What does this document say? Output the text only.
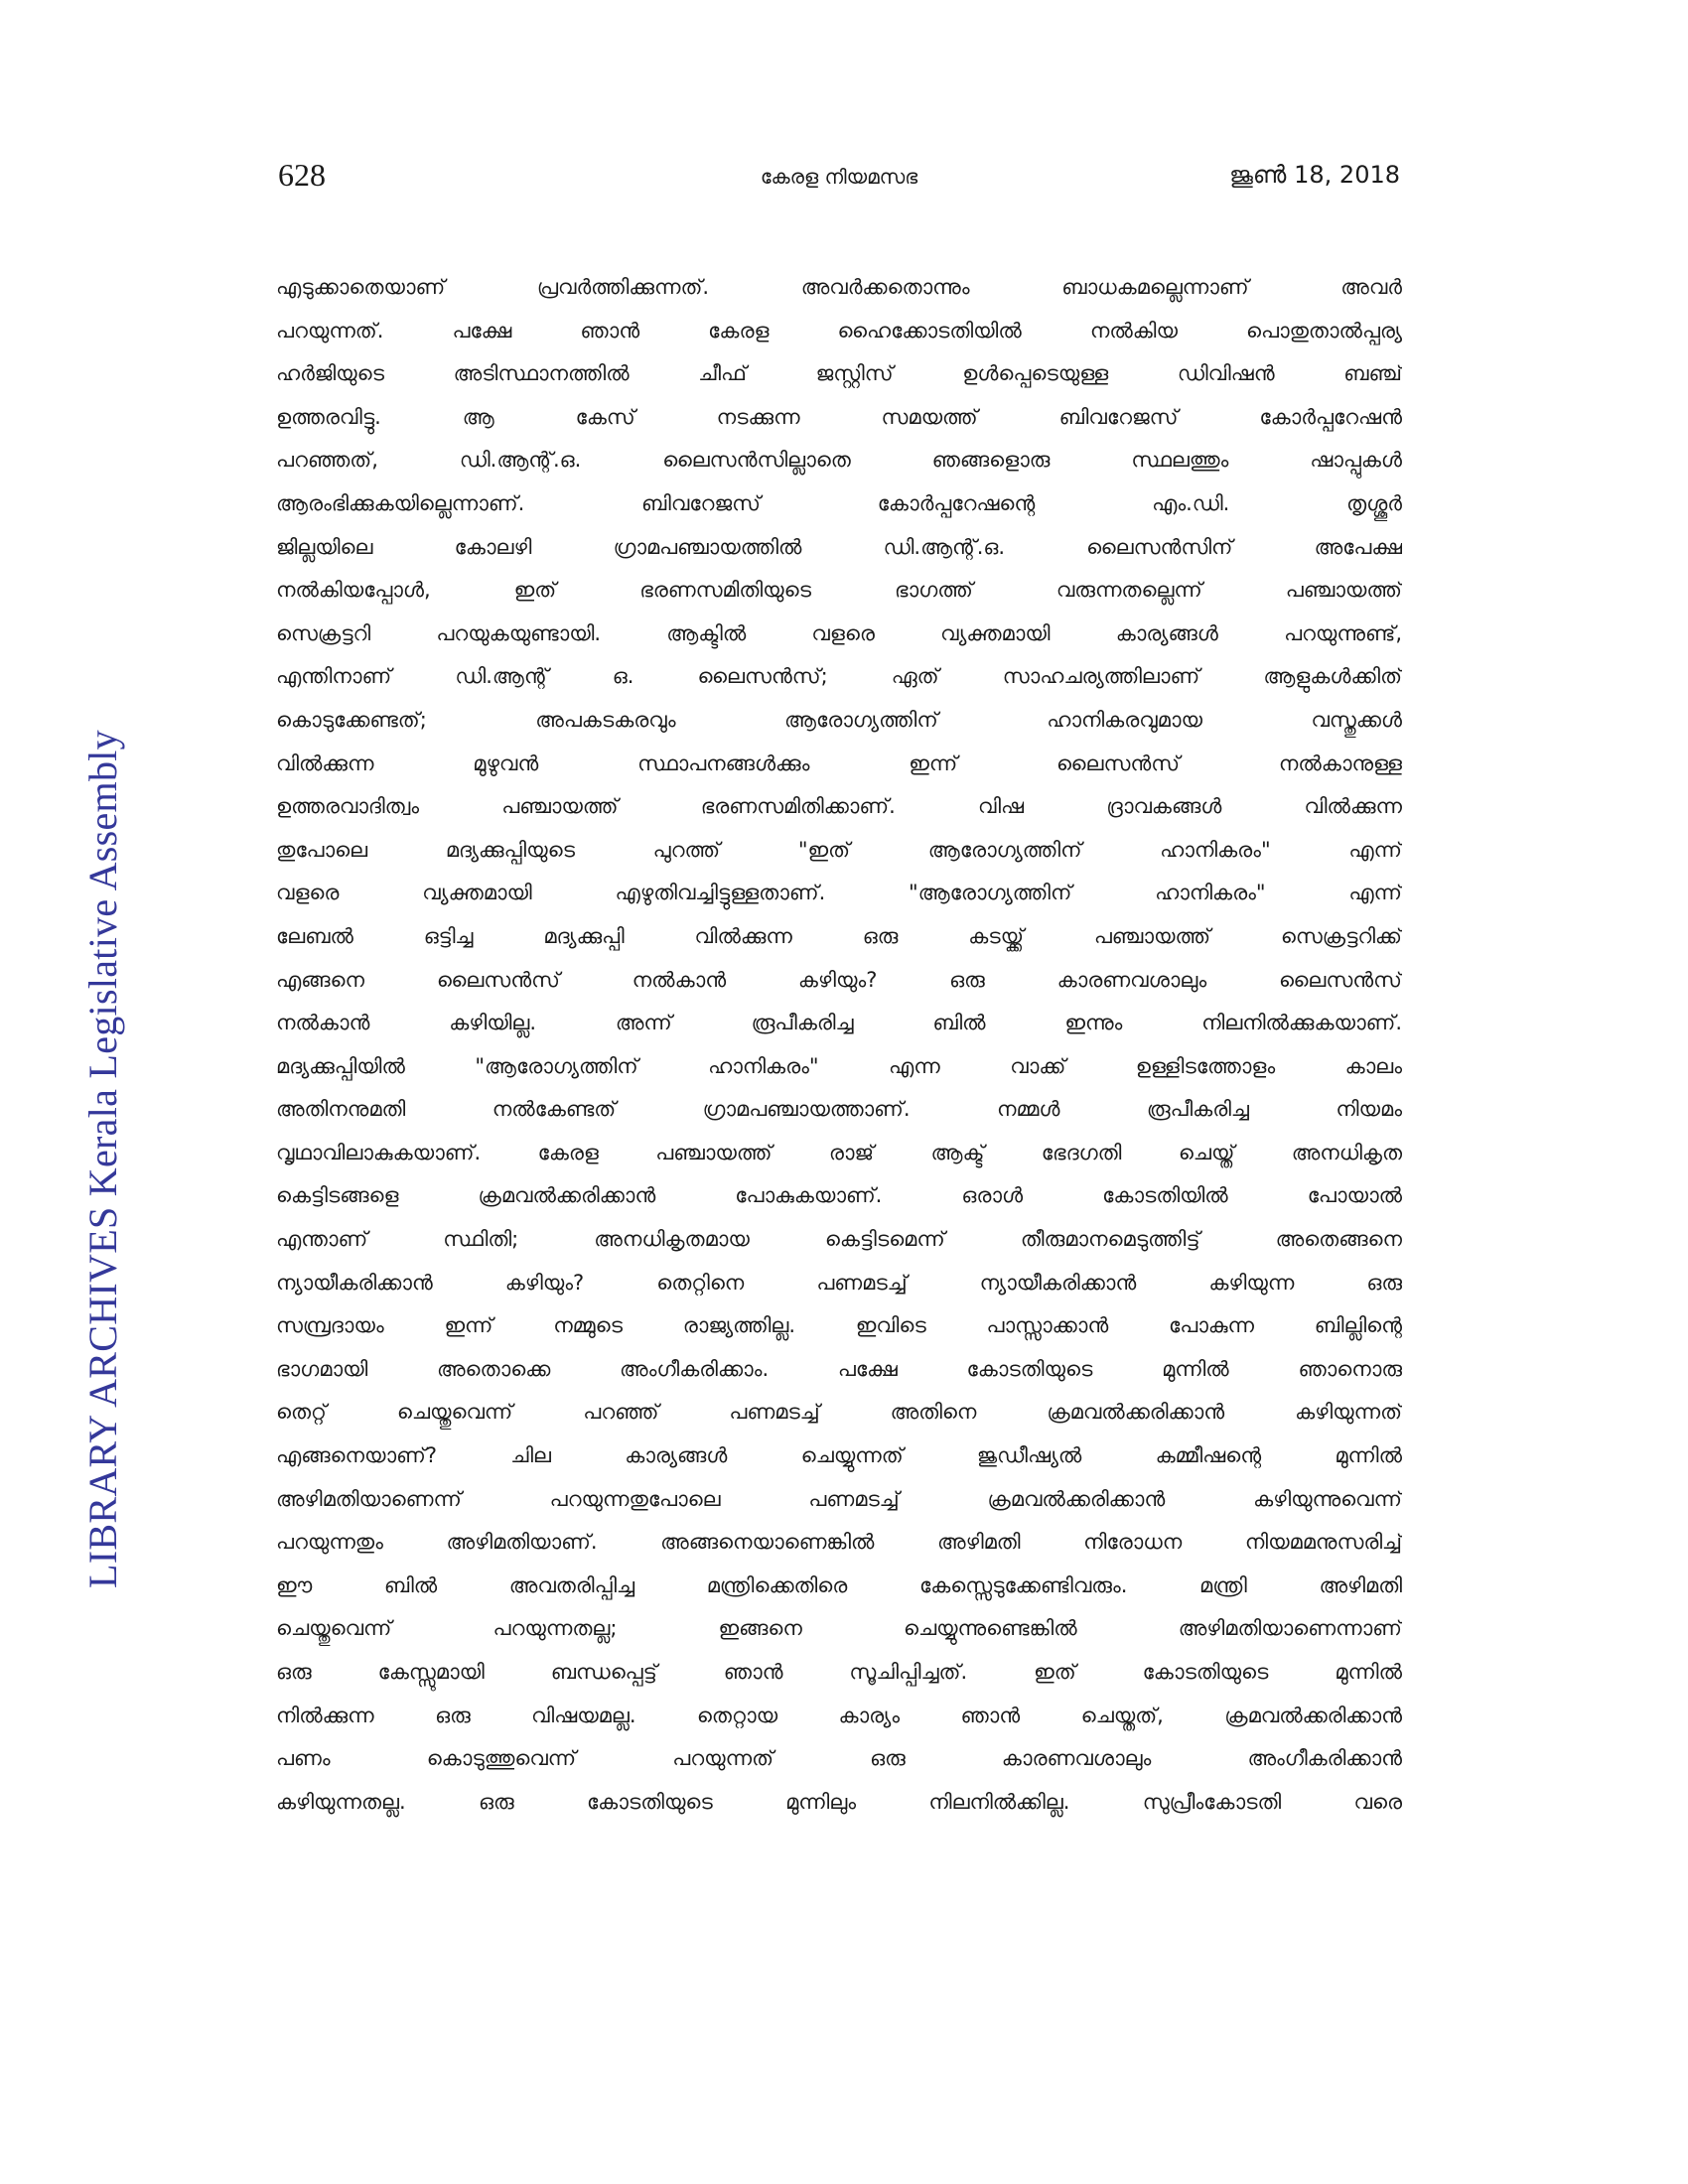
628	കേരള നിയമസഭ	ജൂൺ 18, 2018
LIBRARY ARCHIVES Kerala Legislative Assembly
എടുക്കാതെയാണ് പ്രവർത്തിക്കുന്നത്. അവർക്കതൊന്നും ബാധകമല്ലെന്നാണ് അവർ
പറയുന്നത്. പക്ഷേ ഞാൻ കേരള ഹൈക്കോടതിയിൽ നൽകിയ പൊതുതാൽപ്പര്യ
ഹർജിയുടെ അടിസ്ഥാനത്തിൽ ചീഫ് ജസ്റ്റിസ് ഉൾപ്പെടെയുള്ള ഡിവിഷൻ ബഞ്ച്
ഉത്തരവിട്ടു. ആ കേസ് നടക്കുന്ന സമയത്ത് ബിവറേജസ് കോർപ്പറേഷൻ
പറഞ്ഞത്, ഡി.ആന്റ്.ഒ. ലൈസൻസില്ലാതെ ഞങ്ങളൊരു സ്ഥലത്തും ഷാപ്പുകൾ
ആരംഭിക്കുകയില്ലെന്നാണ്. ബിവറേജസ് കോർപ്പറേഷന്റെ എം.ഡി. തൃശ്ശൂർ
ജില്ലയിലെ കോലഴി ഗ്രാമപഞ്ചായത്തിൽ ഡി.ആന്റ്.ഒ. ലൈസൻസിന് അപേക്ഷ
നൽകിയപ്പോൾ, ഇത് ഭരണസമിതിയുടെ ഭാഗത്ത് വരുന്നതല്ലെന്ന് പഞ്ചായത്ത്
സെക്രട്ടറി പറയുകയുണ്ടായി. ആക്ടിൽ വളരെ വ്യക്തമായി കാര്യങ്ങൾ പറയുന്നുണ്ട്,
എന്തിനാണ് ഡി.ആന്റ് ഒ. ലൈസൻസ്; ഏത് സാഹചര്യത്തിലാണ് ആളുകൾക്കിത്
കൊടുക്കേണ്ടത്; അപകടകരവും ആരോഗ്യത്തിന് ഹാനികരവുമായ വസ്തുക്കൾ
വിൽക്കുന്ന മുഴുവൻ സ്ഥാപനങ്ങൾക്കും ഇന്ന് ലൈസൻസ് നൽകാനുള്ള
ഉത്തരവാദിത്വം പഞ്ചായത്ത് ഭരണസമിതിക്കാണ്. വിഷ ദ്രാവകങ്ങൾ വിൽക്കുന്ന
തുപോലെ മദ്യക്കുപ്പിയുടെ പുറത്ത് "ഇത് ആരോഗ്യത്തിന് ഹാനികരം" എന്ന്
വളരെ വ്യക്തമായി എഴുതിവച്ചിട്ടുള്ളതാണ്. "ആരോഗ്യത്തിന് ഹാനികരം" എന്ന്
ലേബൽ ഒട്ടിച്ച മദ്യക്കുപ്പി വിൽക്കുന്ന ഒരു കടയ്ക്ക് പഞ്ചായത്ത് സെക്രട്ടറിക്ക്
എങ്ങനെ ലൈസൻസ് നൽകാൻ കഴിയും? ഒരു കാരണവശാലും ലൈസൻസ്
നൽകാൻ കഴിയില്ല. അന്ന് രൂപീകരിച്ച ബിൽ ഇന്നും നിലനിൽക്കുകയാണ്.
മദ്യക്കുപ്പിയിൽ "ആരോഗ്യത്തിന് ഹാനികരം" എന്ന വാക്ക് ഉള്ളിടത്തോളം കാലം
അതിനനുമതി നൽകേണ്ടത് ഗ്രാമപഞ്ചായത്താണ്. നമ്മൾ രൂപീകരിച്ച നിയമം
വൃഥാവിലാകുകയാണ്. കേരള പഞ്ചായത്ത് രാജ് ആക്ട് ഭേദഗതി ചെയ്ത് അനധികൃത
കെട്ടിടങ്ങളെ ക്രമവൽക്കരിക്കാൻ പോകുകയാണ്. ഒരാൾ കോടതിയിൽ പോയാൽ
എന്താണ് സ്ഥിതി; അനധികൃതമായ കെട്ടിടമെന്ന് തീരുമാനമെടുത്തിട്ട് അതെങ്ങനെ
ന്യായീകരിക്കാൻ കഴിയും? തെറ്റിനെ പണമടച്ച് ന്യായീകരിക്കാൻ കഴിയുന്ന ഒരു
സമ്പ്രദായം ഇന്ന് നമ്മുടെ രാജ്യത്തില്ല. ഇവിടെ പാസ്സാക്കാൻ പോകുന്ന ബില്ലിന്റെ
ഭാഗമായി അതൊക്കെ അംഗീകരിക്കാം. പക്ഷേ കോടതിയുടെ മുന്നിൽ ഞാനൊരു
തെറ്റ് ചെയ്തുവെന്ന് പറഞ്ഞ് പണമടച്ച് അതിനെ ക്രമവൽക്കരിക്കാൻ കഴിയുന്നത്
എങ്ങനെയാണ്? ചില കാര്യങ്ങൾ ചെയ്യുന്നത് ജുഡീഷ്യൽ കമ്മീഷന്റെ മുന്നിൽ
അഴിമതിയാണെന്ന് പറയുന്നതുപോലെ പണമടച്ച് ക്രമവൽക്കരിക്കാൻ കഴിയുന്നുവെന്ന്
പറയുന്നതും അഴിമതിയാണ്. അങ്ങനെയാണെങ്കിൽ അഴിമതി നിരോധന നിയമമനുസരിച്ച്
ഈ ബിൽ അവതരിപ്പിച്ച മന്ത്രിക്കെതിരെ കേസ്സെടുക്കേണ്ടിവരും. മന്ത്രി അഴിമതി
ചെയ്തുവെന്ന് പറയുന്നതല്ല; ഇങ്ങനെ ചെയ്യുന്നുണ്ടെങ്കിൽ അഴിമതിയാണെന്നാണ്
ഒരു കേസ്സുമായി ബന്ധപ്പെട്ട് ഞാൻ സൂചിപ്പിച്ചത്. ഇത് കോടതിയുടെ മുന്നിൽ
നിൽക്കുന്ന ഒരു വിഷയമല്ല. തെറ്റായ കാര്യം ഞാൻ ചെയ്തത്, ക്രമവൽക്കരിക്കാൻ
പണം കൊടുത്തുവെന്ന് പറയുന്നത് ഒരു കാരണവശാലും അംഗീകരിക്കാൻ
കഴിയുന്നതല്ല. ഒരു കോടതിയുടെ മുന്നിലും നിലനിൽക്കില്ല. സുപ്രീംകോടതി വരെ
